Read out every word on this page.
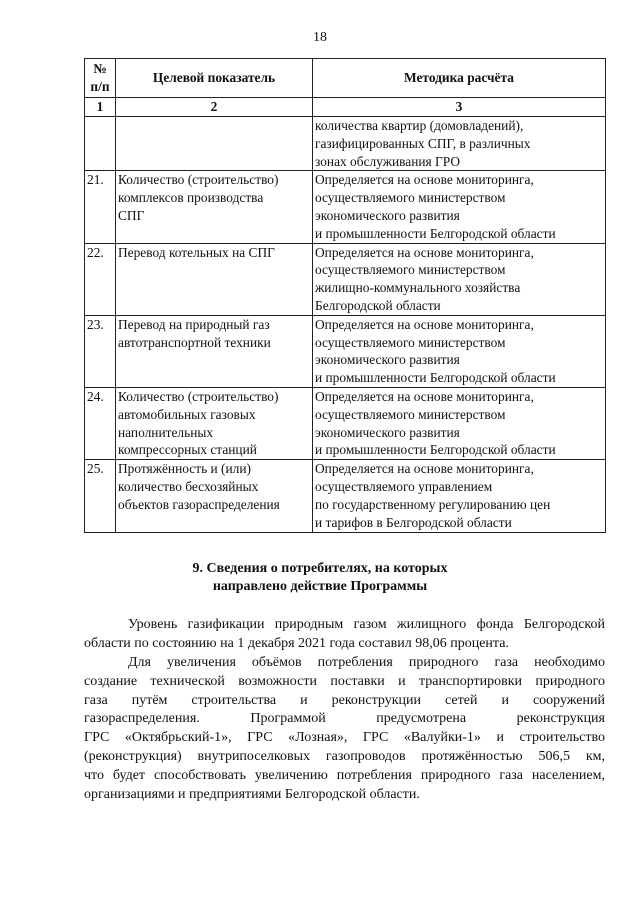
18
№
п/п	Целевой показатель	Методика расчёта
1	2	3

		количества квартир (домовладений),
газифицированных СПГ, в различных
зонах обслуживания ГРО

21.	Количество (строительство)
комплексов производства
СПГ	Определяется на основе мониторинга,
осуществляемого министерством
экономического развития
и промышленности Белгородской области

22.	Перевод котельных на СПГ	Определяется на основе мониторинга,
осуществляемого министерством
жилищно-коммунального хозяйства
Белгородской области

23.	Перевод на природный газ
автотранспортной техники	Определяется на основе мониторинга,
осуществляемого министерством
экономического развития
и промышленности Белгородской области

24.	Количество (строительство)
автомобильных газовых
наполнительных
компрессорных станций	Определяется на основе мониторинга,
осуществляемого министерством
экономического развития
и промышленности Белгородской области

25.	Протяжённость и (или)
количество бесхозяйных
объектов газораспределения	Определяется на основе мониторинга,
осуществляемого управлением
по государственному регулированию цен
и тарифов в Белгородской области
9. Сведения о потребителях, на которых
направлено действие Программы
Уровень газификации природным газом жилищного фонда Белгородской
области по состоянию на 1 декабря 2021 года составил 98,06 процента.
Для увеличения объёмов потребления природного газа необходимо
создание технической возможности поставки и транспортировки природного
газа путём строительства и реконструкции сетей и сооружений
газораспределения. Программой предусмотрена реконструкция
ГРС «Октябрьский-1», ГРС «Лозная», ГРС «Валуйки-1» и строительство
(реконструкция) внутрипоселковых газопроводов протяжённостью 506,5 км,
что будет способствовать увеличению потребления природного газа населением,
организациями и предприятиями Белгородской области.
